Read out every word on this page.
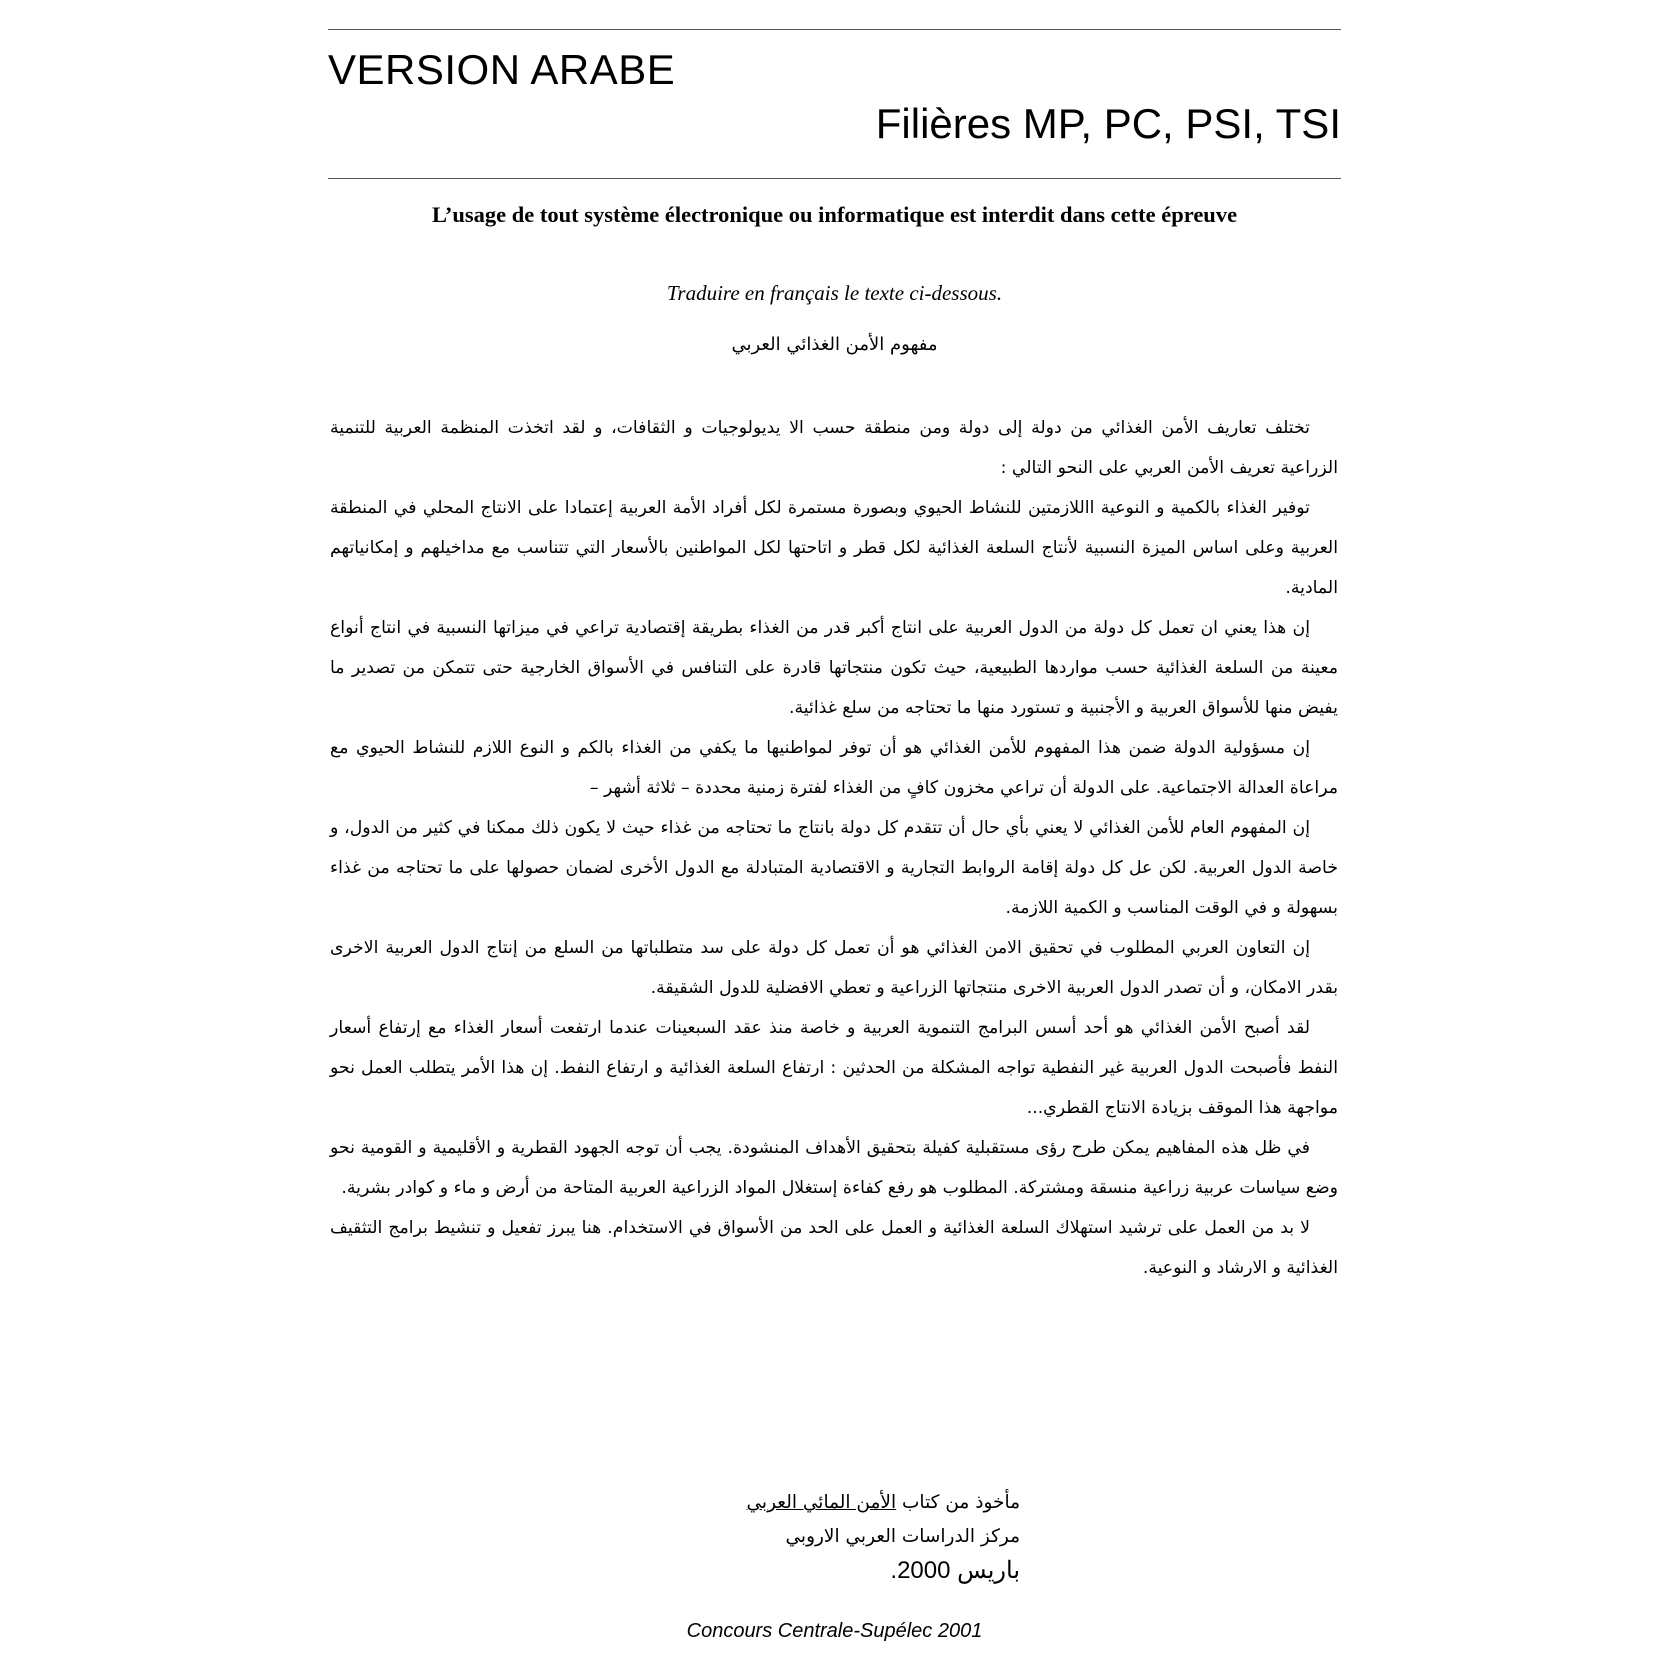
VERSION ARABE
Filières MP, PC, PSI, TSI
L’usage de tout système électronique ou informatique est interdit dans cette épreuve
Traduire en français le texte ci-dessous.
مفهوم الأمن الغذائي العربي

تختلف تعاريف الأمن الغذائي من دولة إلى دولة ومن منطقة حسب الا يديولوجيات و الثقافات، و لقد اتخذت المنظمة العربية للتنمية الزراعية تعريف الأمن العربي على النحو التالي :

توفير الغذاء بالكمية و النوعية االلازمتين للنشاط الحيوي وبصورة مستمرة لكل أفراد الأمة العربية إعتمادا على الانتاج المحلي في المنطقة العربية وعلى اساس الميزة النسبية لأنتاج السلعة الغذائية لكل قطر و اتاحتها لكل المواطنين بالأسعار التي تتناسب مع مداخيلهم و إمكانياتهم المادية.

إن هذا يعني ان تعمل كل دولة من الدول العربية على انتاج أكبر قدر من الغذاء بطريقة إقتصادية تراعي في ميزاتها النسبية في انتاج أنواع معينة من السلعة الغذائية حسب مواردها الطبيعية، حيث تكون منتجاتها قادرة على التنافس في الأسواق الخارجية حتى تتمكن من تصدير ما يفيض منها للأسواق العربية و الأجنبية و تستورد منها ما تحتاجه من سلع غذائية.

إن مسؤولية الدولة ضمن هذا المفهوم للأمن الغذائي هو أن توفر لمواطنيها ما يكفي من الغذاء بالكم و النوع اللازم للنشاط الحيوي مع مراعاة العدالة الاجتماعية. على الدولة أن تراعي مخزون كافٍ من الغذاء لفترة زمنية محددة – ثلاثة أشهر –

إن المفهوم العام للأمن الغذائي لا يعني بأي حال أن تتقدم كل دولة بانتاج ما تحتاجه من غذاء حيث لا يكون ذلك ممكنا في كثير من الدول، و خاصة الدول العربية. لكن عل كل دولة إقامة الروابط التجارية و الاقتصادية المتبادلة مع الدول الأخرى لضمان حصولها على ما تحتاجه من غذاء بسهولة و في الوقت المناسب و الكمية اللازمة.

إن التعاون العربي المطلوب في تحقيق الامن الغذائي هو أن تعمل كل دولة على سد متطلباتها من السلع من إنتاج الدول العربية الاخرى بقدر الامكان، و أن تصدر الدول العربية الاخرى منتجاتها الزراعية و تعطي الافضلية للدول الشقيقة.

لقد أصبح الأمن الغذائي هو أحد أسس البرامج التنموية العربية و خاصة منذ عقد السبعينات عندما ارتفعت أسعار الغذاء مع إرتفاع أسعار النفط فأصبحت الدول العربية غير النفطية تواجه المشكلة من الحدثين : ارتفاع السلعة الغذائية و ارتفاع النفط. إن هذا الأمر يتطلب العمل نحو مواجهة هذا الموقف بزيادة الانتاج القطري...

في ظل هذه المفاهيم يمكن طرح رؤى مستقبلية كفيلة بتحقيق الأهداف المنشودة. يجب أن توجه الجهود القطرية و الأقليمية و القومية نحو وضع سياسات عربية زراعية منسقة ومشتركة. المطلوب هو رفع كفاءة إستغلال المواد الزراعية العربية المتاحة من أرض و ماء و كوادر بشرية.

لا بد من العمل على ترشيد استهلاك السلعة الغذائية و العمل على الحد من الأسواق في الاستخدام. هنا يبرز تفعيل و تنشيط برامج التثقيف الغذائية و الارشاد و النوعية.

مأخوذ من كتاب الأمن المائي العربي
مركز الدراسات العربي الاروبي
باريس 2000.
Concours Centrale-Supélec 2001
